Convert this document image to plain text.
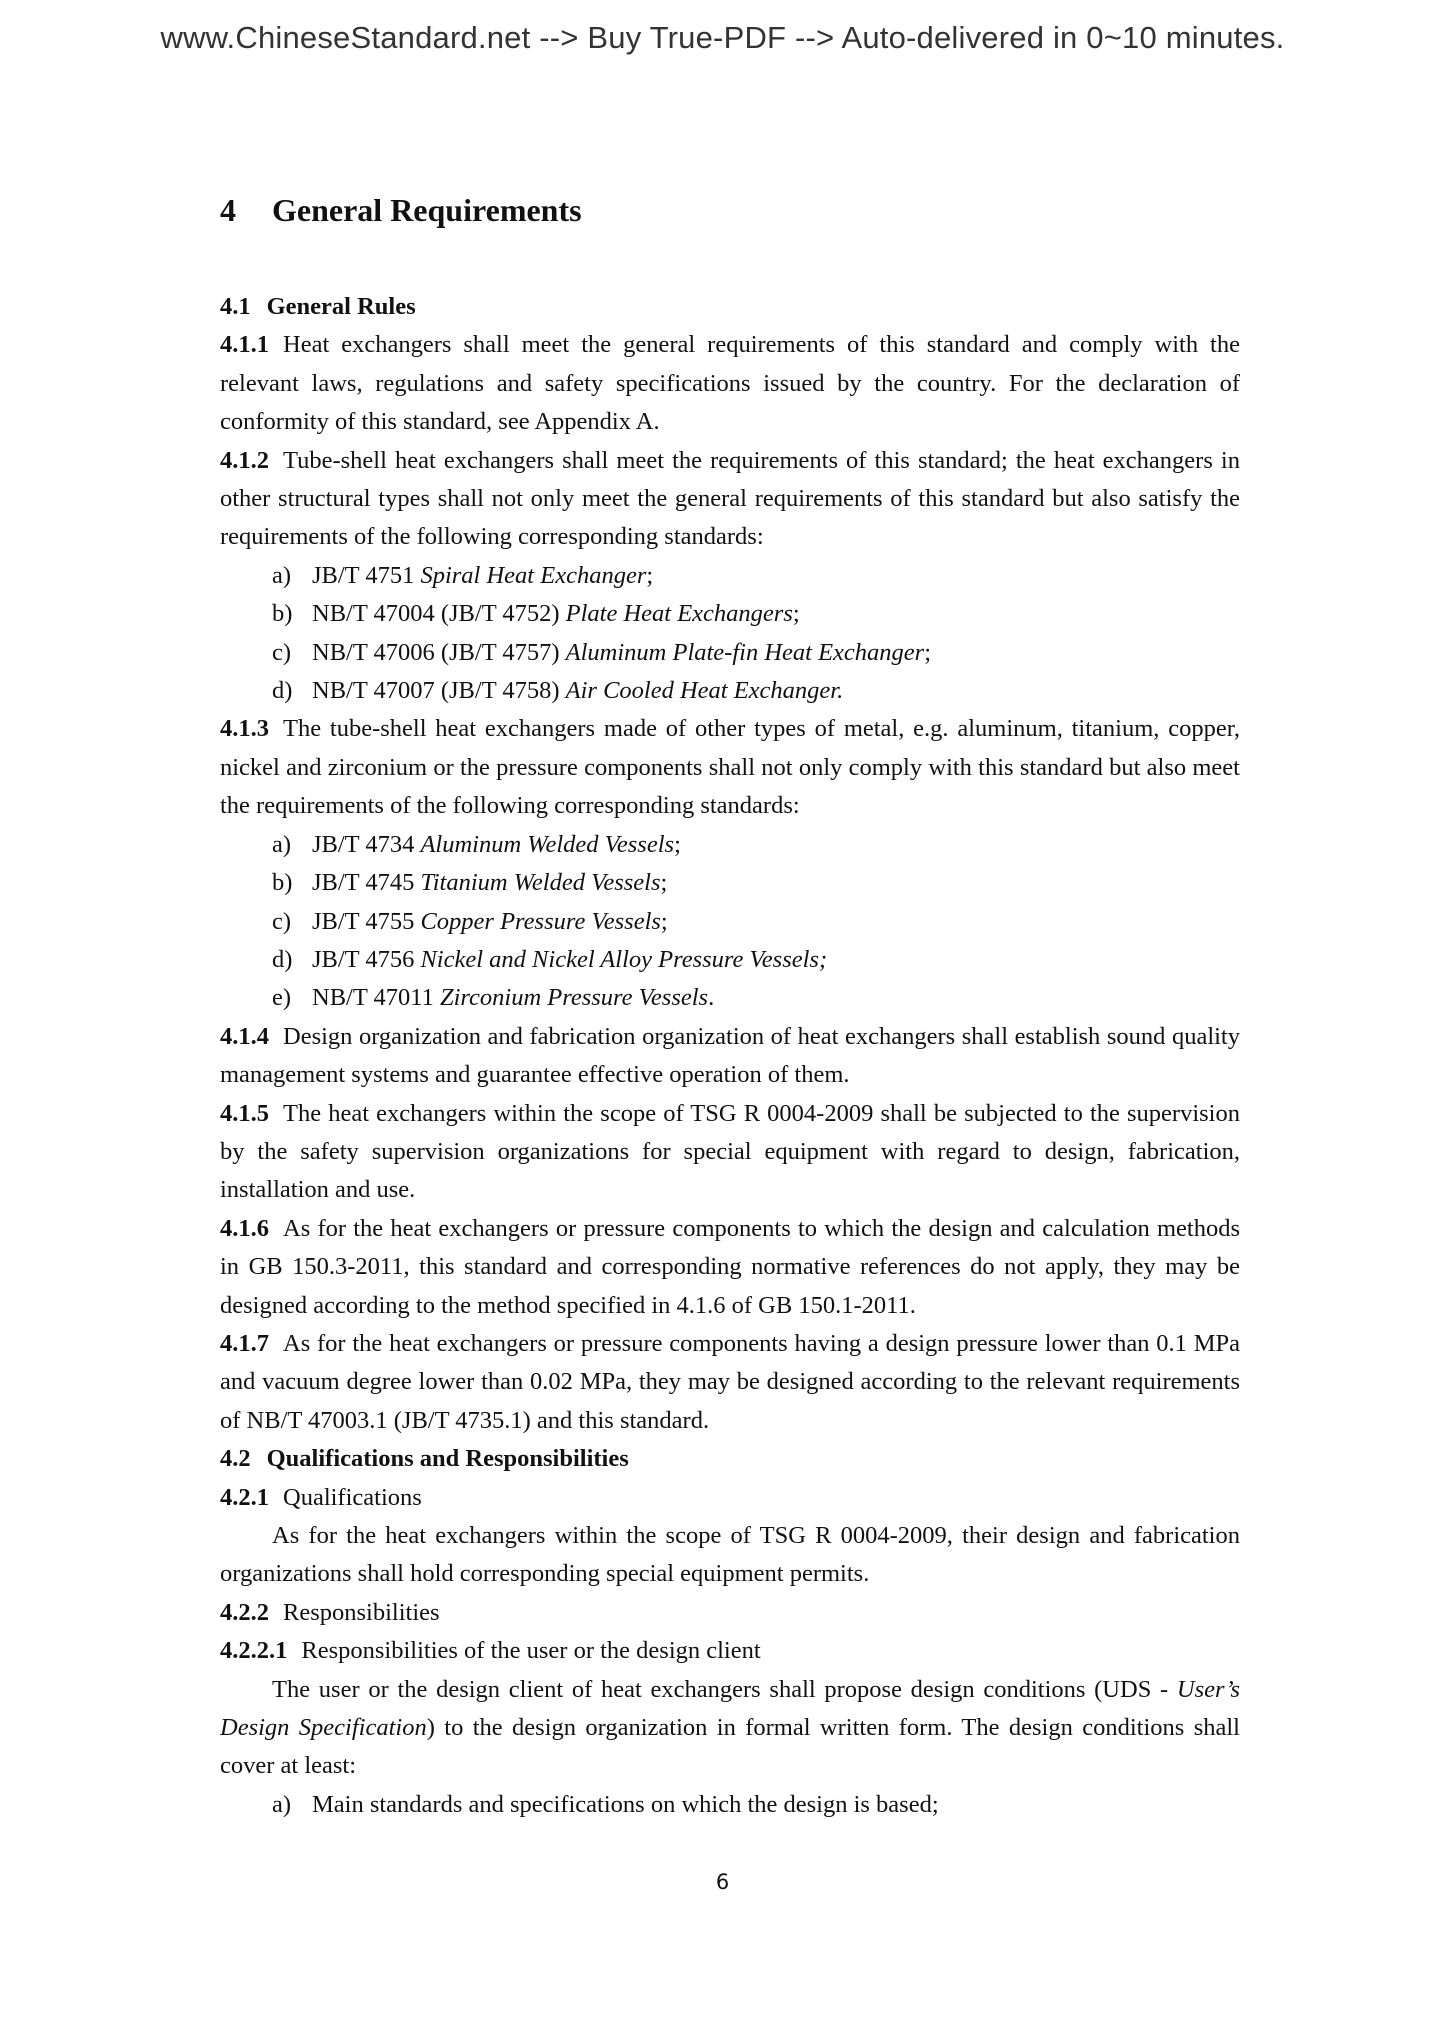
www.ChineseStandard.net --> Buy True-PDF --> Auto-delivered in 0~10 minutes.
4 General Requirements

4.1 General Rules

4.1.1 Heat exchangers shall meet the general requirements of this standard and comply with the relevant laws, regulations and safety specifications issued by the country. For the declaration of conformity of this standard, see Appendix A.

4.1.2 Tube-shell heat exchangers shall meet the requirements of this standard; the heat exchangers in other structural types shall not only meet the general requirements of this standard but also satisfy the requirements of the following corresponding standards:

a) JB/T 4751 Spiral Heat Exchanger;
b) NB/T 47004 (JB/T 4752) Plate Heat Exchangers;
c) NB/T 47006 (JB/T 4757) Aluminum Plate-fin Heat Exchanger;
d) NB/T 47007 (JB/T 4758) Air Cooled Heat Exchanger.

4.1.3 The tube-shell heat exchangers made of other types of metal, e.g. aluminum, titanium, copper, nickel and zirconium or the pressure components shall not only comply with this standard but also meet the requirements of the following corresponding standards:

a) JB/T 4734 Aluminum Welded Vessels;
b) JB/T 4745 Titanium Welded Vessels;
c) JB/T 4755 Copper Pressure Vessels;
d) JB/T 4756 Nickel and Nickel Alloy Pressure Vessels;
e) NB/T 47011 Zirconium Pressure Vessels.

4.1.4 Design organization and fabrication organization of heat exchangers shall establish sound quality management systems and guarantee effective operation of them.

4.1.5 The heat exchangers within the scope of TSG R 0004-2009 shall be subjected to the supervision by the safety supervision organizations for special equipment with regard to design, fabrication, installation and use.

4.1.6 As for the heat exchangers or pressure components to which the design and calculation methods in GB 150.3-2011, this standard and corresponding normative references do not apply, they may be designed according to the method specified in 4.1.6 of GB 150.1-2011.

4.1.7 As for the heat exchangers or pressure components having a design pressure lower than 0.1 MPa and vacuum degree lower than 0.02 MPa, they may be designed according to the relevant requirements of NB/T 47003.1 (JB/T 4735.1) and this standard.

4.2 Qualifications and Responsibilities

4.2.1 Qualifications

As for the heat exchangers within the scope of TSG R 0004-2009, their design and fabrication organizations shall hold corresponding special equipment permits.

4.2.2 Responsibilities

4.2.2.1 Responsibilities of the user or the design client

The user or the design client of heat exchangers shall propose design conditions (UDS - User’s Design Specification) to the design organization in formal written form. The design conditions shall cover at least:

a) Main standards and specifications on which the design is based;
6
